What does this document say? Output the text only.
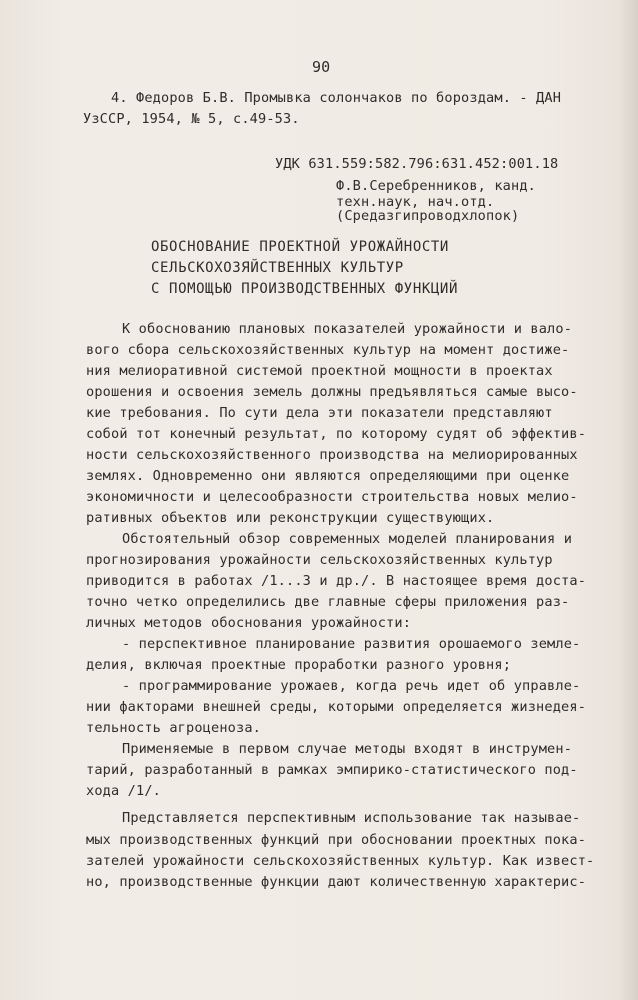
90
4. Федоров Б.В. Промывка солончаков по бороздам. - ДАН
УзССР, 1954, № 5, с.49-53.
УДК 631.559:582.796:631.452:001.18
Ф.В.Серебренников, канд.
техн.наук, нач.отд.
(Средазгипроводхлопок)
ОБОСНОВАНИЕ ПРОЕКТНОЙ УРОЖАЙНОСТИ
СЕЛЬСКОХОЗЯЙСТВЕННЫХ КУЛЬТУР
С ПОМОЩЬЮ ПРОИЗВОДСТВЕННЫХ ФУНКЦИЙ
К обоснованию плановых показателей урожайности и вало-
вого сбора сельскохозяйственных культур на момент достиже-
ния мелиоративной системой проектной мощности в проектах
орошения и освоения земель должны предъявляться самые высо-
кие требования. По сути дела эти показатели представляют
собой тот конечный результат, по которому судят об эффектив-
ности сельскохозяйственного производства на мелиорированных
землях. Одновременно они являются определяющими при оценке
экономичности и целесообразности строительства новых мелио-
ративных объектов или реконструкции существующих.
Обстоятельный обзор современных моделей планирования и
прогнозирования урожайности сельскохозяйственных культур
приводится в работах /1...3 и др./. В настоящее время доста-
точно четко определились две главные сферы приложения раз-
личных методов обоснования урожайности:
- перспективное планирование развития орошаемого земле-
делия, включая проектные проработки разного уровня;
- программирование урожаев, когда речь идет об управле-
нии факторами внешней среды, которыми определяется жизнедея-
тельность агроценоза.
Применяемые в первом случае методы входят в инструмен-
тарий, разработанный в рамках эмпирико-статистического под-
хода /1/.
Представляется перспективным использование так называе-
мых производственных функций при обосновании проектных пока-
зателей урожайности сельскохозяйственных культур. Как извест-
но, производственные функции дают количественную характерис-
